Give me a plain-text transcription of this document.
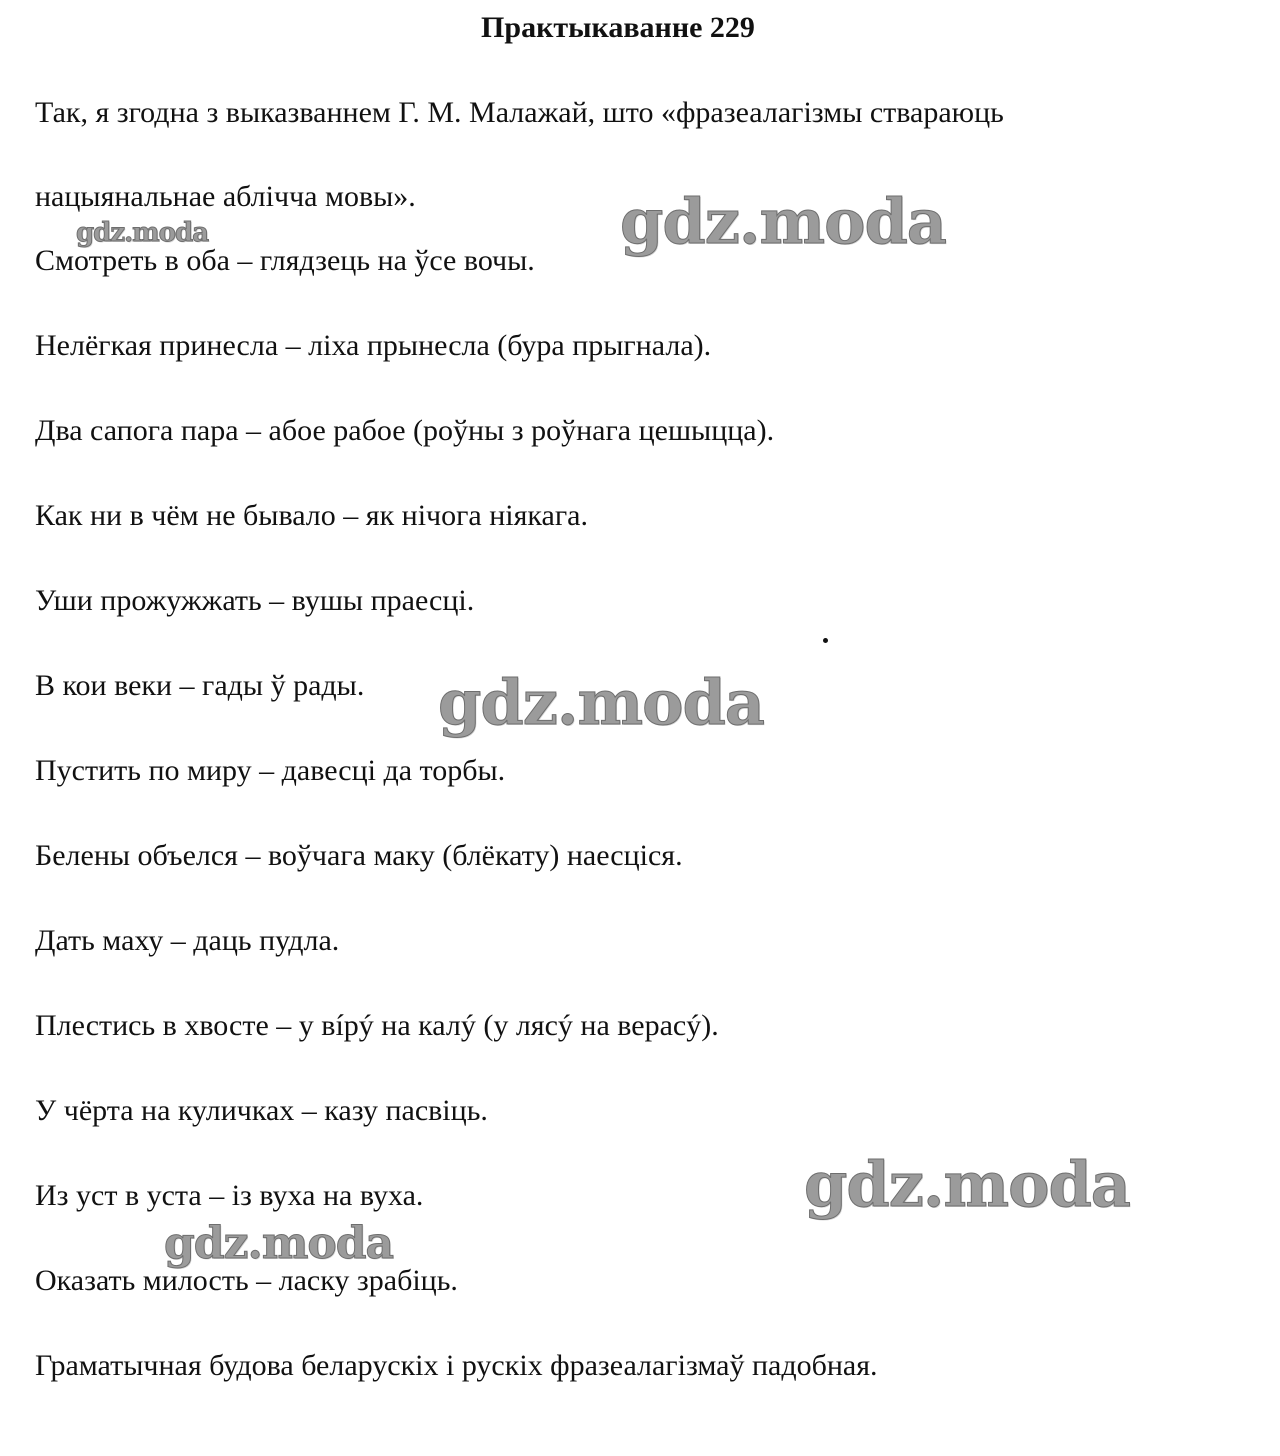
Практыкаванне 229
Так, я згодна з выказваннем Г. М. Малажай, што «фразеалагізмы ствараюць
нацыянальнае аблічча мовы».
Смотреть в оба – глядзець на ўсе вочы.
Нелёгкая принесла – ліха прынесла (бура прыгнала).
Два сапога пара – абое рабое (роўны з роўнага цешыцца).
Как ни в чём не бывало – як нічога ніякага.
Уши прожужжать – вушы праесці.
В кои веки – гады ў рады.
Пустить по миру – давесці да торбы.
Белены объелся – воўчага маку (блёкату) наесціся.
Дать маху – даць пудла.
Плестись в хвосте – у вíрý на калý (у лясý на верасý).
У чёрта на куличках – казу пасвіць.
Из уст в уста – із вуха на вуха.
Оказать милость – ласку зрабіць.
Граматычная будова беларускіх і рускіх фразеалагізмаў падобная.
gdz.moda	gdz.moda
gdz.moda
gdz.moda
gdz.moda
